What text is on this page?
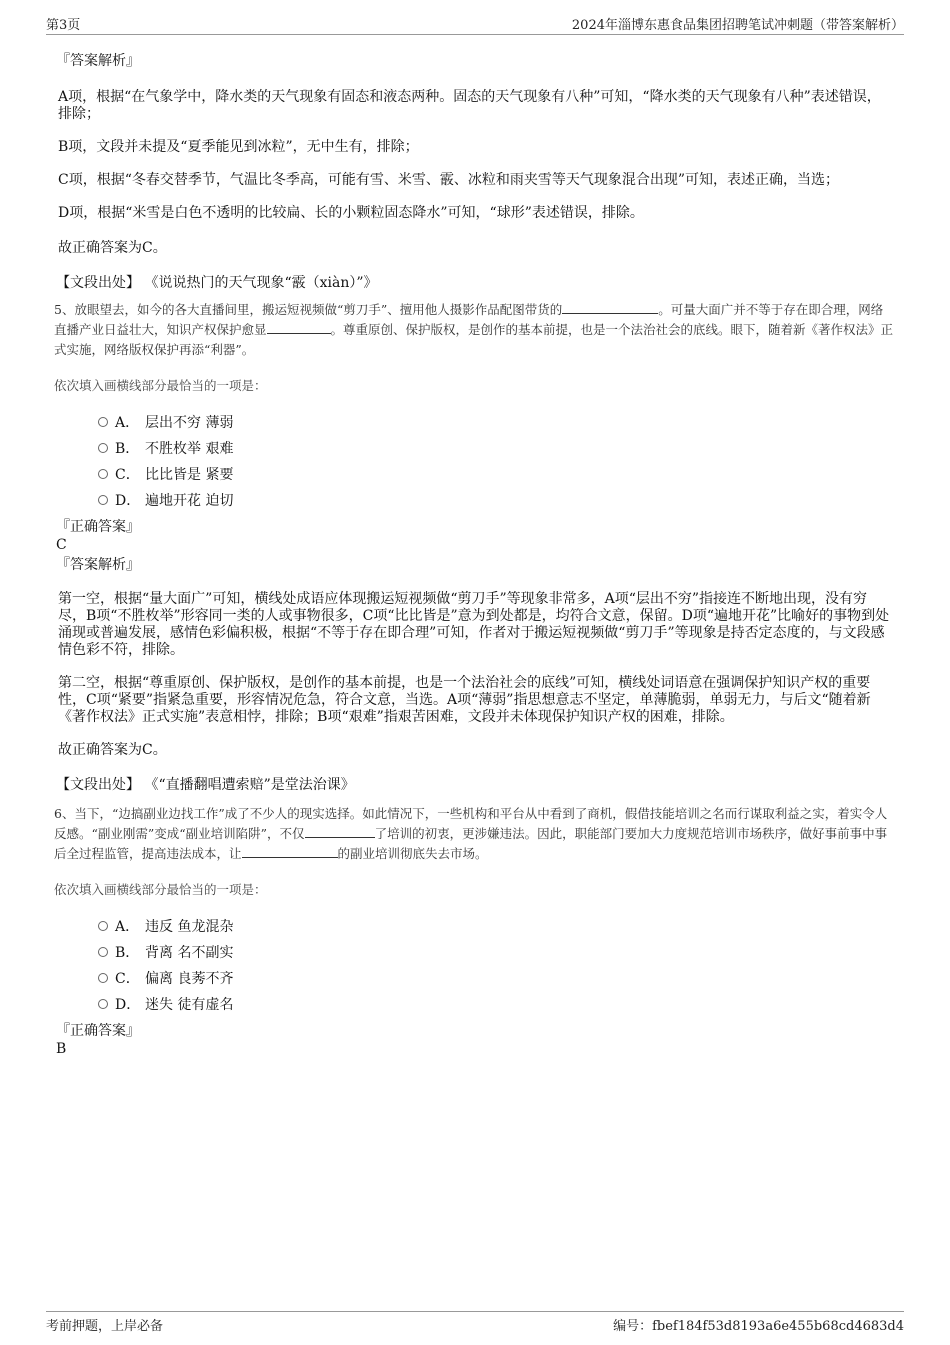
第3页	2024年淄博东惠食品集团招聘笔试冲刺题（带答案解析）

『答案解析』

A项，根据“在气象学中，降水类的天气现象有固态和液态两种。固态的天气现象有八种”可知，“降水类的天气现象有八种”表述错误，排除；

B项，文段并未提及“夏季能见到冰粒”，无中生有，排除；

C项，根据“冬春交替季节，气温比冬季高，可能有雪、米雪、霰、冰粒和雨夹雪等天气现象混合出现”可知，表述正确，当选；

D项，根据“米雪是白色不透明的比较扁、长的小颗粒固态降水”可知，“球形”表述错误，排除。

故正确答案为C。

【文段出处】 《说说热门的天气现象“霰（xiàn）”》

5、放眼望去，如今的各大直播间里，搬运短视频做“剪刀手”、擅用他人摄影作品配图带货的	。可量大面广并不等于存在即合理，网络直播产业日益壮大，知识产权保护愈显	。尊重原创、保护版权，是创作的基本前提，也是一个法治社会的底线。眼下，随着新《著作权法》正式实施，网络版权保护再添“利器”。

依次填入画横线部分最恰当的一项是：

A． 层出不穷 薄弱
B． 不胜枚举 艰难
C． 比比皆是 紧要
D． 遍地开花 迫切

『正确答案』

C

『答案解析』

第一空，根据“量大面广”可知，横线处成语应体现搬运短视频做“剪刀手”等现象非常多，A项“层出不穷”指接连不断地出现，没有穷尽，B项“不胜枚举”形容同一类的人或事物很多，C项“比比皆是”意为到处都是，均符合文意，保留。D项“遍地开花”比喻好的事物到处涌现或普遍发展，感情色彩偏积极，根据“不等于存在即合理”可知，作者对于搬运短视频做“剪刀手”等现象是持否定态度的，与文段感情色彩不符，排除。

第二空，根据“尊重原创、保护版权，是创作的基本前提，也是一个法治社会的底线”可知，横线处词语意在强调保护知识产权的重要性，C项“紧要”指紧急重要，形容情况危急，符合文意，当选。A项“薄弱”指思想意志不坚定，单薄脆弱，单弱无力，与后文“随着新《著作权法》正式实施”表意相悖，排除；B项“艰难”指艰苦困难，文段并未体现保护知识产权的困难，排除。

故正确答案为C。

【文段出处】 《“直播翻唱遭索赔”是堂法治课》

6、当下，“边搞副业边找工作”成了不少人的现实选择。如此情况下，一些机构和平台从中看到了商机，假借技能培训之名而行谋取利益之实，着实令人反感。“副业刚需”变成“副业培训陷阱”，不仅	了培训的初衷，更涉嫌违法。因此，职能部门要加大力度规范培训市场秩序，做好事前事中事后全过程监管，提高违法成本，让	的副业培训彻底失去市场。

依次填入画横线部分最恰当的一项是：

A． 违反 鱼龙混杂
B． 背离 名不副实
C． 偏离 良莠不齐
D． 迷失 徒有虚名

『正确答案』

B

考前押题，上岸必备	编号：fbef184f53d8193a6e455b68cd4683d4
